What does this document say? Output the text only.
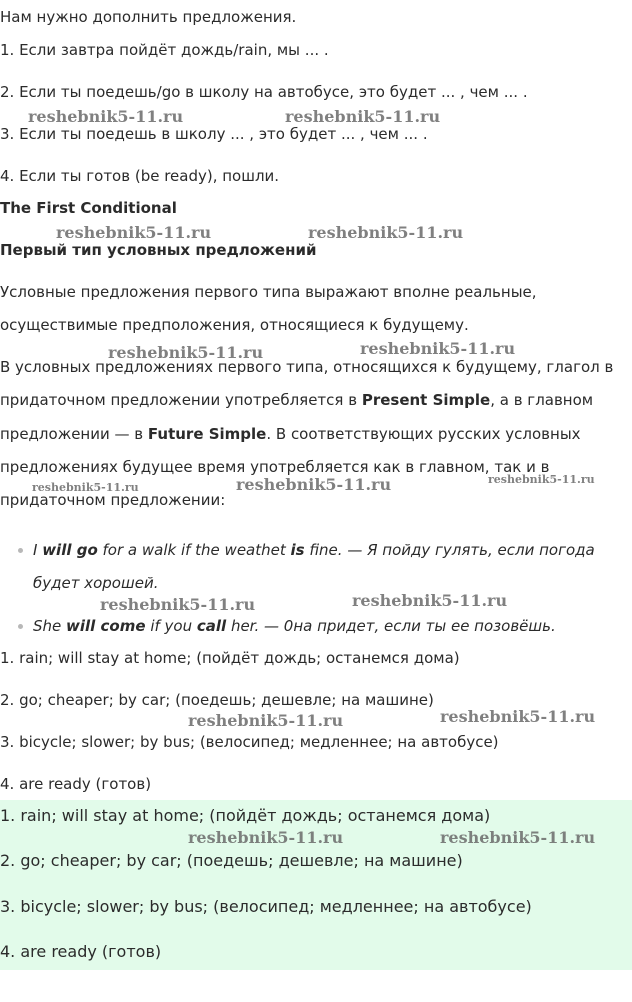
Нам нужно дополнить предложения.
1. Если завтра пойдёт дождь/rain, мы ... .
2. Если ты поедешь/go в школу на автобусе, это будет ... , чем ... .
3. Если ты поедешь в школу ... , это будет ... , чем ... .
4. Если ты готов (be ready), пошли.
The First Conditional
Первый тип условных предложений
Условные предложения первого типа выражают вполне реальные,
осуществимые предположения, относящиеся к будущему.
В условных предложениях первого типа, относящихся к будущему, глагол в
придаточном предложении употребляется в Present Simple, а в главном
предложении — в Future Simple. В соответствующих русских условных
предложениях будущее время употребляется как в главном, так и в
придаточном предложении:
I will go for a walk if the weathet is fine. — Я пойду гулять, если погода
будет хорошей.
She will come if you call her. — 0на придет, если ты ее позовёшь.
1. rain; will stay at home; (пойдёт дождь; останемся дома)
2. go; cheaper; by car; (поедешь; дешевле; на машине)
3. bicycle; slower; by bus; (велосипед; медленнее; на автобусе)
4. are ready (готов)
1. rain; will stay at home; (пойдёт дождь; останемся дома)
2. go; cheaper; by car; (поедешь; дешевле; на машине)
3. bicycle; slower; by bus; (велосипед; медленнее; на автобусе)
4. are ready (готов)
reshebnik5-11.ru	reshebnik5-11.ru
reshebnik5-11.ru	reshebnik5-11.ru
reshebnik5-11.ru	reshebnik5-11.ru
reshebnik5-11.ru	reshebnik5-11.ru	reshebnik5-11.ru
reshebnik5-11.ru	reshebnik5-11.ru
reshebnik5-11.ru	reshebnik5-11.ru
reshebnik5-11.ru	reshebnik5-11.ru
